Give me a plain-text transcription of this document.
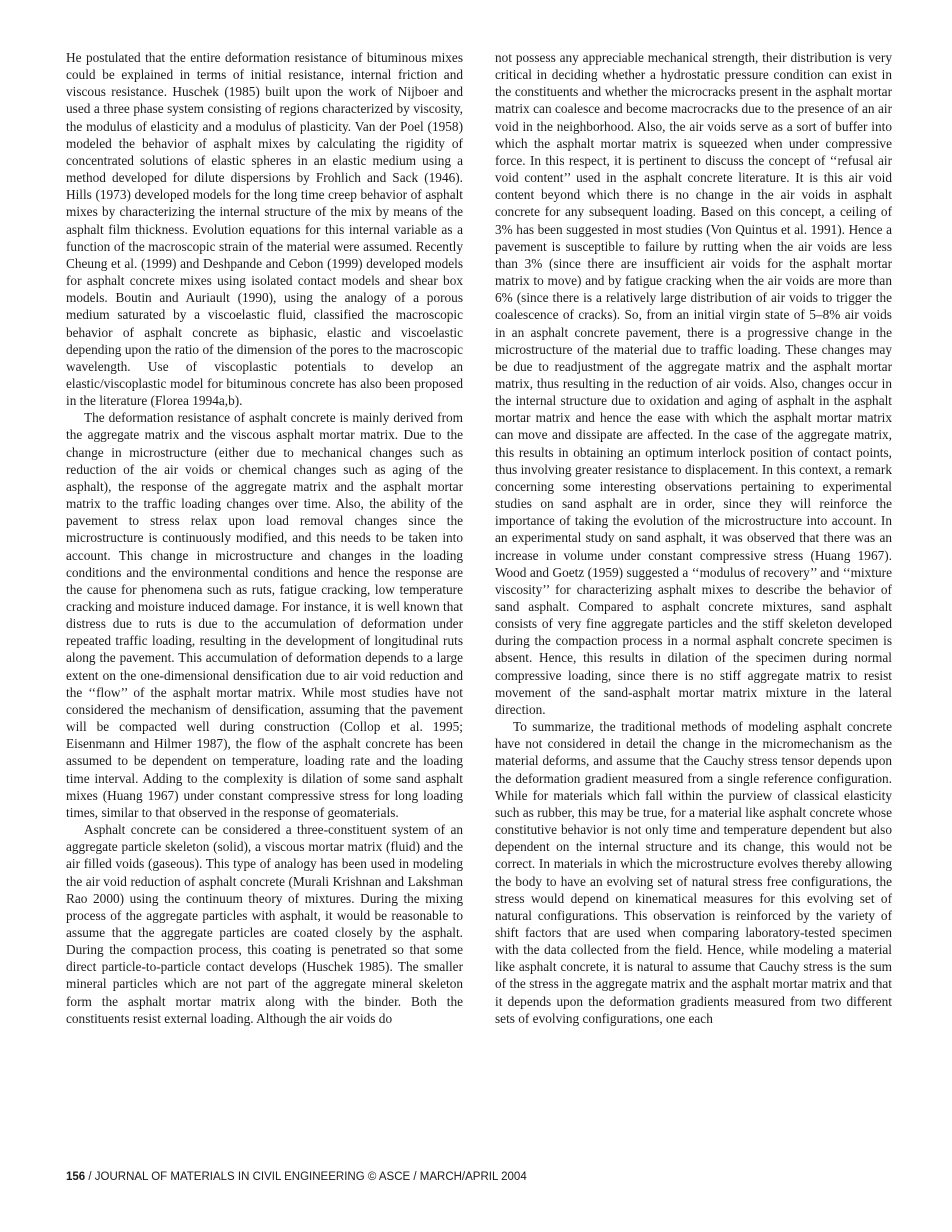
He postulated that the entire deformation resistance of bituminous mixes could be explained in terms of initial resistance, internal friction and viscous resistance. Huschek (1985) built upon the work of Nijboer and used a three phase system consisting of regions characterized by viscosity, the modulus of elasticity and a modulus of plasticity. Van der Poel (1958) modeled the behavior of asphalt mixes by calculating the rigidity of concentrated solutions of elastic spheres in an elastic medium using a method developed for dilute dispersions by Frohlich and Sack (1946). Hills (1973) developed models for the long time creep behavior of asphalt mixes by characterizing the internal structure of the mix by means of the asphalt film thickness. Evolution equations for this internal variable as a function of the macroscopic strain of the material were assumed. Recently Cheung et al. (1999) and Deshpande and Cebon (1999) developed models for asphalt concrete mixes using isolated contact models and shear box models. Boutin and Auriault (1990), using the analogy of a porous medium saturated by a viscoelastic fluid, classified the macroscopic behavior of asphalt concrete as biphasic, elastic and viscoelastic depending upon the ratio of the dimension of the pores to the macroscopic wavelength. Use of viscoplastic potentials to develop an elastic/viscoplastic model for bituminous concrete has also been proposed in the literature (Florea 1994a,b).

The deformation resistance of asphalt concrete is mainly derived from the aggregate matrix and the viscous asphalt mortar matrix. Due to the change in microstructure (either due to mechanical changes such as reduction of the air voids or chemical changes such as aging of the asphalt), the response of the aggregate matrix and the asphalt mortar matrix to the traffic loading changes over time. Also, the ability of the pavement to stress relax upon load removal changes since the microstructure is continuously modified, and this needs to be taken into account. This change in microstructure and changes in the loading conditions and the environmental conditions and hence the response are the cause for phenomena such as ruts, fatigue cracking, low temperature cracking and moisture induced damage. For instance, it is well known that distress due to ruts is due to the accumulation of deformation under repeated traffic loading, resulting in the development of longitudinal ruts along the pavement. This accumulation of deformation depends to a large extent on the one-dimensional densification due to air void reduction and the ‘‘flow’’ of the asphalt mortar matrix. While most studies have not considered the mechanism of densification, assuming that the pavement will be compacted well during construction (Collop et al. 1995; Eisenmann and Hilmer 1987), the flow of the asphalt concrete has been assumed to be dependent on temperature, loading rate and the loading time interval. Adding to the complexity is dilation of some sand asphalt mixes (Huang 1967) under constant compressive stress for long loading times, similar to that observed in the response of geomaterials.

Asphalt concrete can be considered a three-constituent system of an aggregate particle skeleton (solid), a viscous mortar matrix (fluid) and the air filled voids (gaseous). This type of analogy has been used in modeling the air void reduction of asphalt concrete (Murali Krishnan and Lakshman Rao 2000) using the continuum theory of mixtures. During the mixing process of the aggregate particles with asphalt, it would be reasonable to assume that the aggregate particles are coated closely by the asphalt. During the compaction process, this coating is penetrated so that some direct particle-to-particle contact develops (Huschek 1985). The smaller mineral particles which are not part of the aggregate mineral skeleton form the asphalt mortar matrix along with the binder. Both the constituents resist external loading. Although the air voids do

not possess any appreciable mechanical strength, their distribution is very critical in deciding whether a hydrostatic pressure condition can exist in the constituents and whether the microcracks present in the asphalt mortar matrix can coalesce and become macrocracks due to the presence of an air void in the neighborhood. Also, the air voids serve as a sort of buffer into which the asphalt mortar matrix is squeezed when under compressive force. In this respect, it is pertinent to discuss the concept of ‘‘refusal air void content’’ used in the asphalt concrete literature. It is this air void content beyond which there is no change in the air voids in asphalt concrete for any subsequent loading. Based on this concept, a ceiling of 3% has been suggested in most studies (Von Quintus et al. 1991). Hence a pavement is susceptible to failure by rutting when the air voids are less than 3% (since there are insufficient air voids for the asphalt mortar matrix to move) and by fatigue cracking when the air voids are more than 6% (since there is a relatively large distribution of air voids to trigger the coalescence of cracks). So, from an initial virgin state of 5–8% air voids in an asphalt concrete pavement, there is a progressive change in the microstructure of the material due to traffic loading. These changes may be due to readjustment of the aggregate matrix and the asphalt mortar matrix, thus resulting in the reduction of air voids. Also, changes occur in the internal structure due to oxidation and aging of asphalt in the asphalt mortar matrix and hence the ease with which the asphalt mortar matrix can move and dissipate are affected. In the case of the aggregate matrix, this results in obtaining an optimum interlock position of contact points, thus involving greater resistance to displacement. In this context, a remark concerning some interesting observations pertaining to experimental studies on sand asphalt are in order, since they will reinforce the importance of taking the evolution of the microstructure into account. In an experimental study on sand asphalt, it was observed that there was an increase in volume under constant compressive stress (Huang 1967). Wood and Goetz (1959) suggested a ‘‘modulus of recovery’’ and ‘‘mixture viscosity’’ for characterizing asphalt mixes to describe the behavior of sand asphalt. Compared to asphalt concrete mixtures, sand asphalt consists of very fine aggregate particles and the stiff skeleton developed during the compaction process in a normal asphalt concrete specimen is absent. Hence, this results in dilation of the specimen during normal compressive loading, since there is no stiff aggregate matrix to resist movement of the sand-asphalt mortar matrix mixture in the lateral direction.

To summarize, the traditional methods of modeling asphalt concrete have not considered in detail the change in the micromechanism as the material deforms, and assume that the Cauchy stress tensor depends upon the deformation gradient measured from a single reference configuration. While for materials which fall within the purview of classical elasticity such as rubber, this may be true, for a material like asphalt concrete whose constitutive behavior is not only time and temperature dependent but also dependent on the internal structure and its change, this would not be correct. In materials in which the microstructure evolves thereby allowing the body to have an evolving set of natural stress free configurations, the stress would depend on kinematical measures for this evolving set of natural configurations. This observation is reinforced by the variety of shift factors that are used when comparing laboratory-tested specimen with the data collected from the field. Hence, while modeling a material like asphalt concrete, it is natural to assume that Cauchy stress is the sum of the stress in the aggregate matrix and the asphalt mortar matrix and that it depends upon the deformation gradients measured from two different sets of evolving configurations, one each

156 / JOURNAL OF MATERIALS IN CIVIL ENGINEERING © ASCE / MARCH/APRIL 2004
